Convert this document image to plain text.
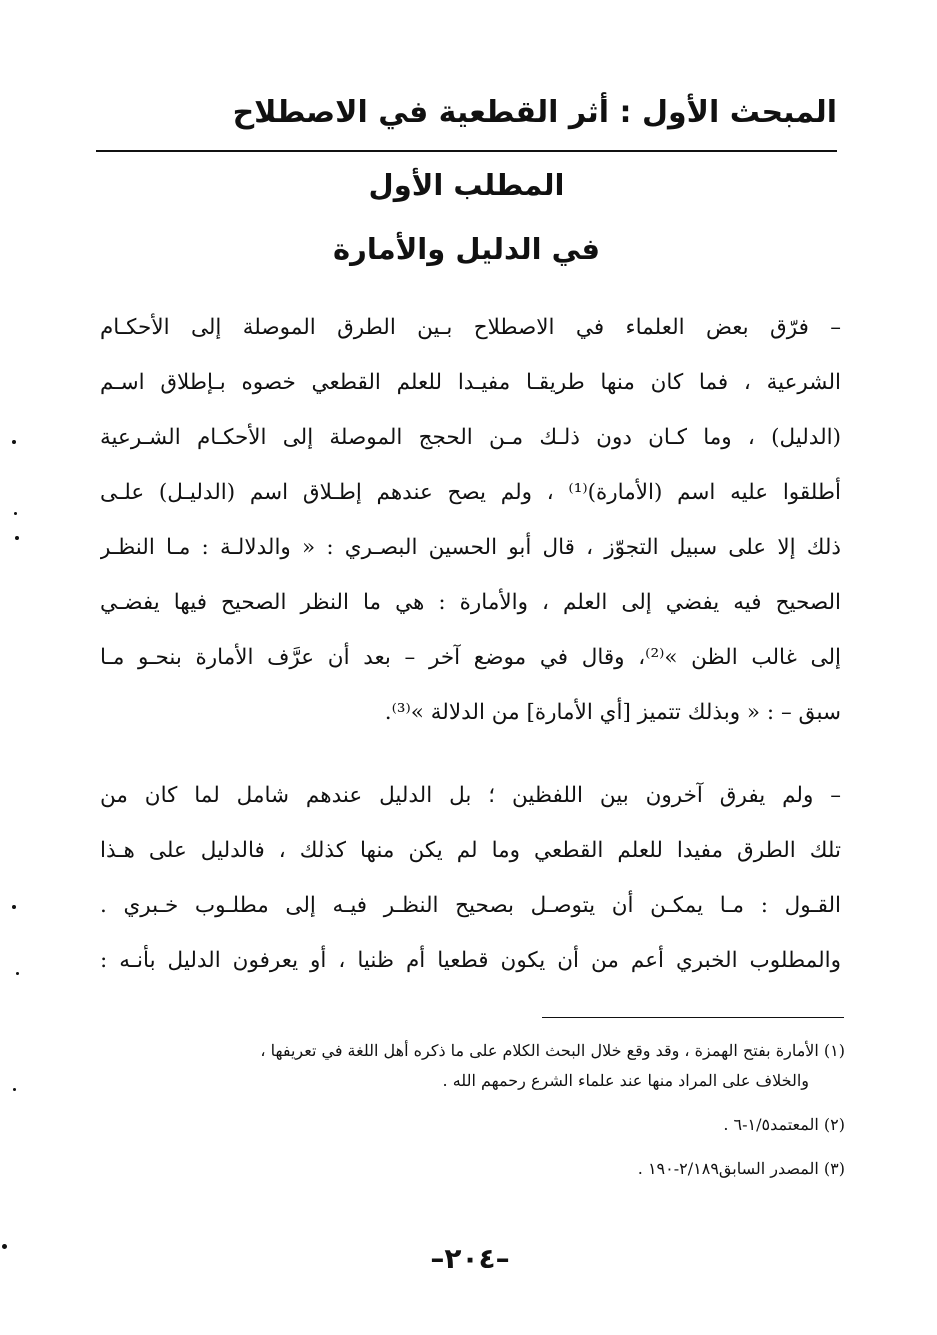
المبحث الأول : أثر القطعية في الاصطلاح
المطلب الأول
في الدليل والأمارة
– فرّق بعض العلماء في الاصطلاح بـين الطرق الموصلة إلى الأحكـام
الشرعية ، فما كان منها طريقـا مفيـدا للعلم القطعي خصوه بـإطلاق اسـم
(الدليل) ، وما كـان دون ذلـك مـن الحجج الموصلة إلى الأحكـام الشـرعية
أطلقوا عليه اسم (الأمارة)⁽¹⁾ ، ولم يصح عندهم إطـلاق اسم (الدليـل) علـى
ذلك إلا على سبيل التجوّز ، قال أبو الحسين البصـري : « والدلالـة : مـا النظـر
الصحيح فيه يفضي إلى العلم ، والأمارة : هي ما النظر الصحيح فيها يفضـي
إلى غالب الظن »⁽²⁾، وقال في موضع آخر – بعد أن عرَّف الأمارة بنحـو مـا
سبق – : « وبذلك تتميز [أي الأمارة] من الدلالة »⁽³⁾.
– ولم يفرق آخرون بين اللفظين ؛ بل الدليل عندهم شامل لما كان من
تلك الطرق مفيدا للعلم القطعي وما لم يكن منها كذلك ، فالدليل على هـذا
القـول : مـا يمكـن أن يتوصـل بصحيح النظـر فيـه إلى مطلـوب خـبري .
والمطلوب الخبري أعم من أن يكون قطعيا أم ظنيا ، أو يعرفون الدليل بأنـه :
(١) الأمارة بفتح الهمزة ، وقد وقع خلال البحث الكلام على ما ذكره أهل اللغة في تعريفها ،
والخلاف على المراد منها عند علماء الشرع رحمهم الله .
(٢) المعتمد١/٥-٦ .
(٣) المصدر السابق٢/١٨٩-١٩٠ .
–٢٠٤–
